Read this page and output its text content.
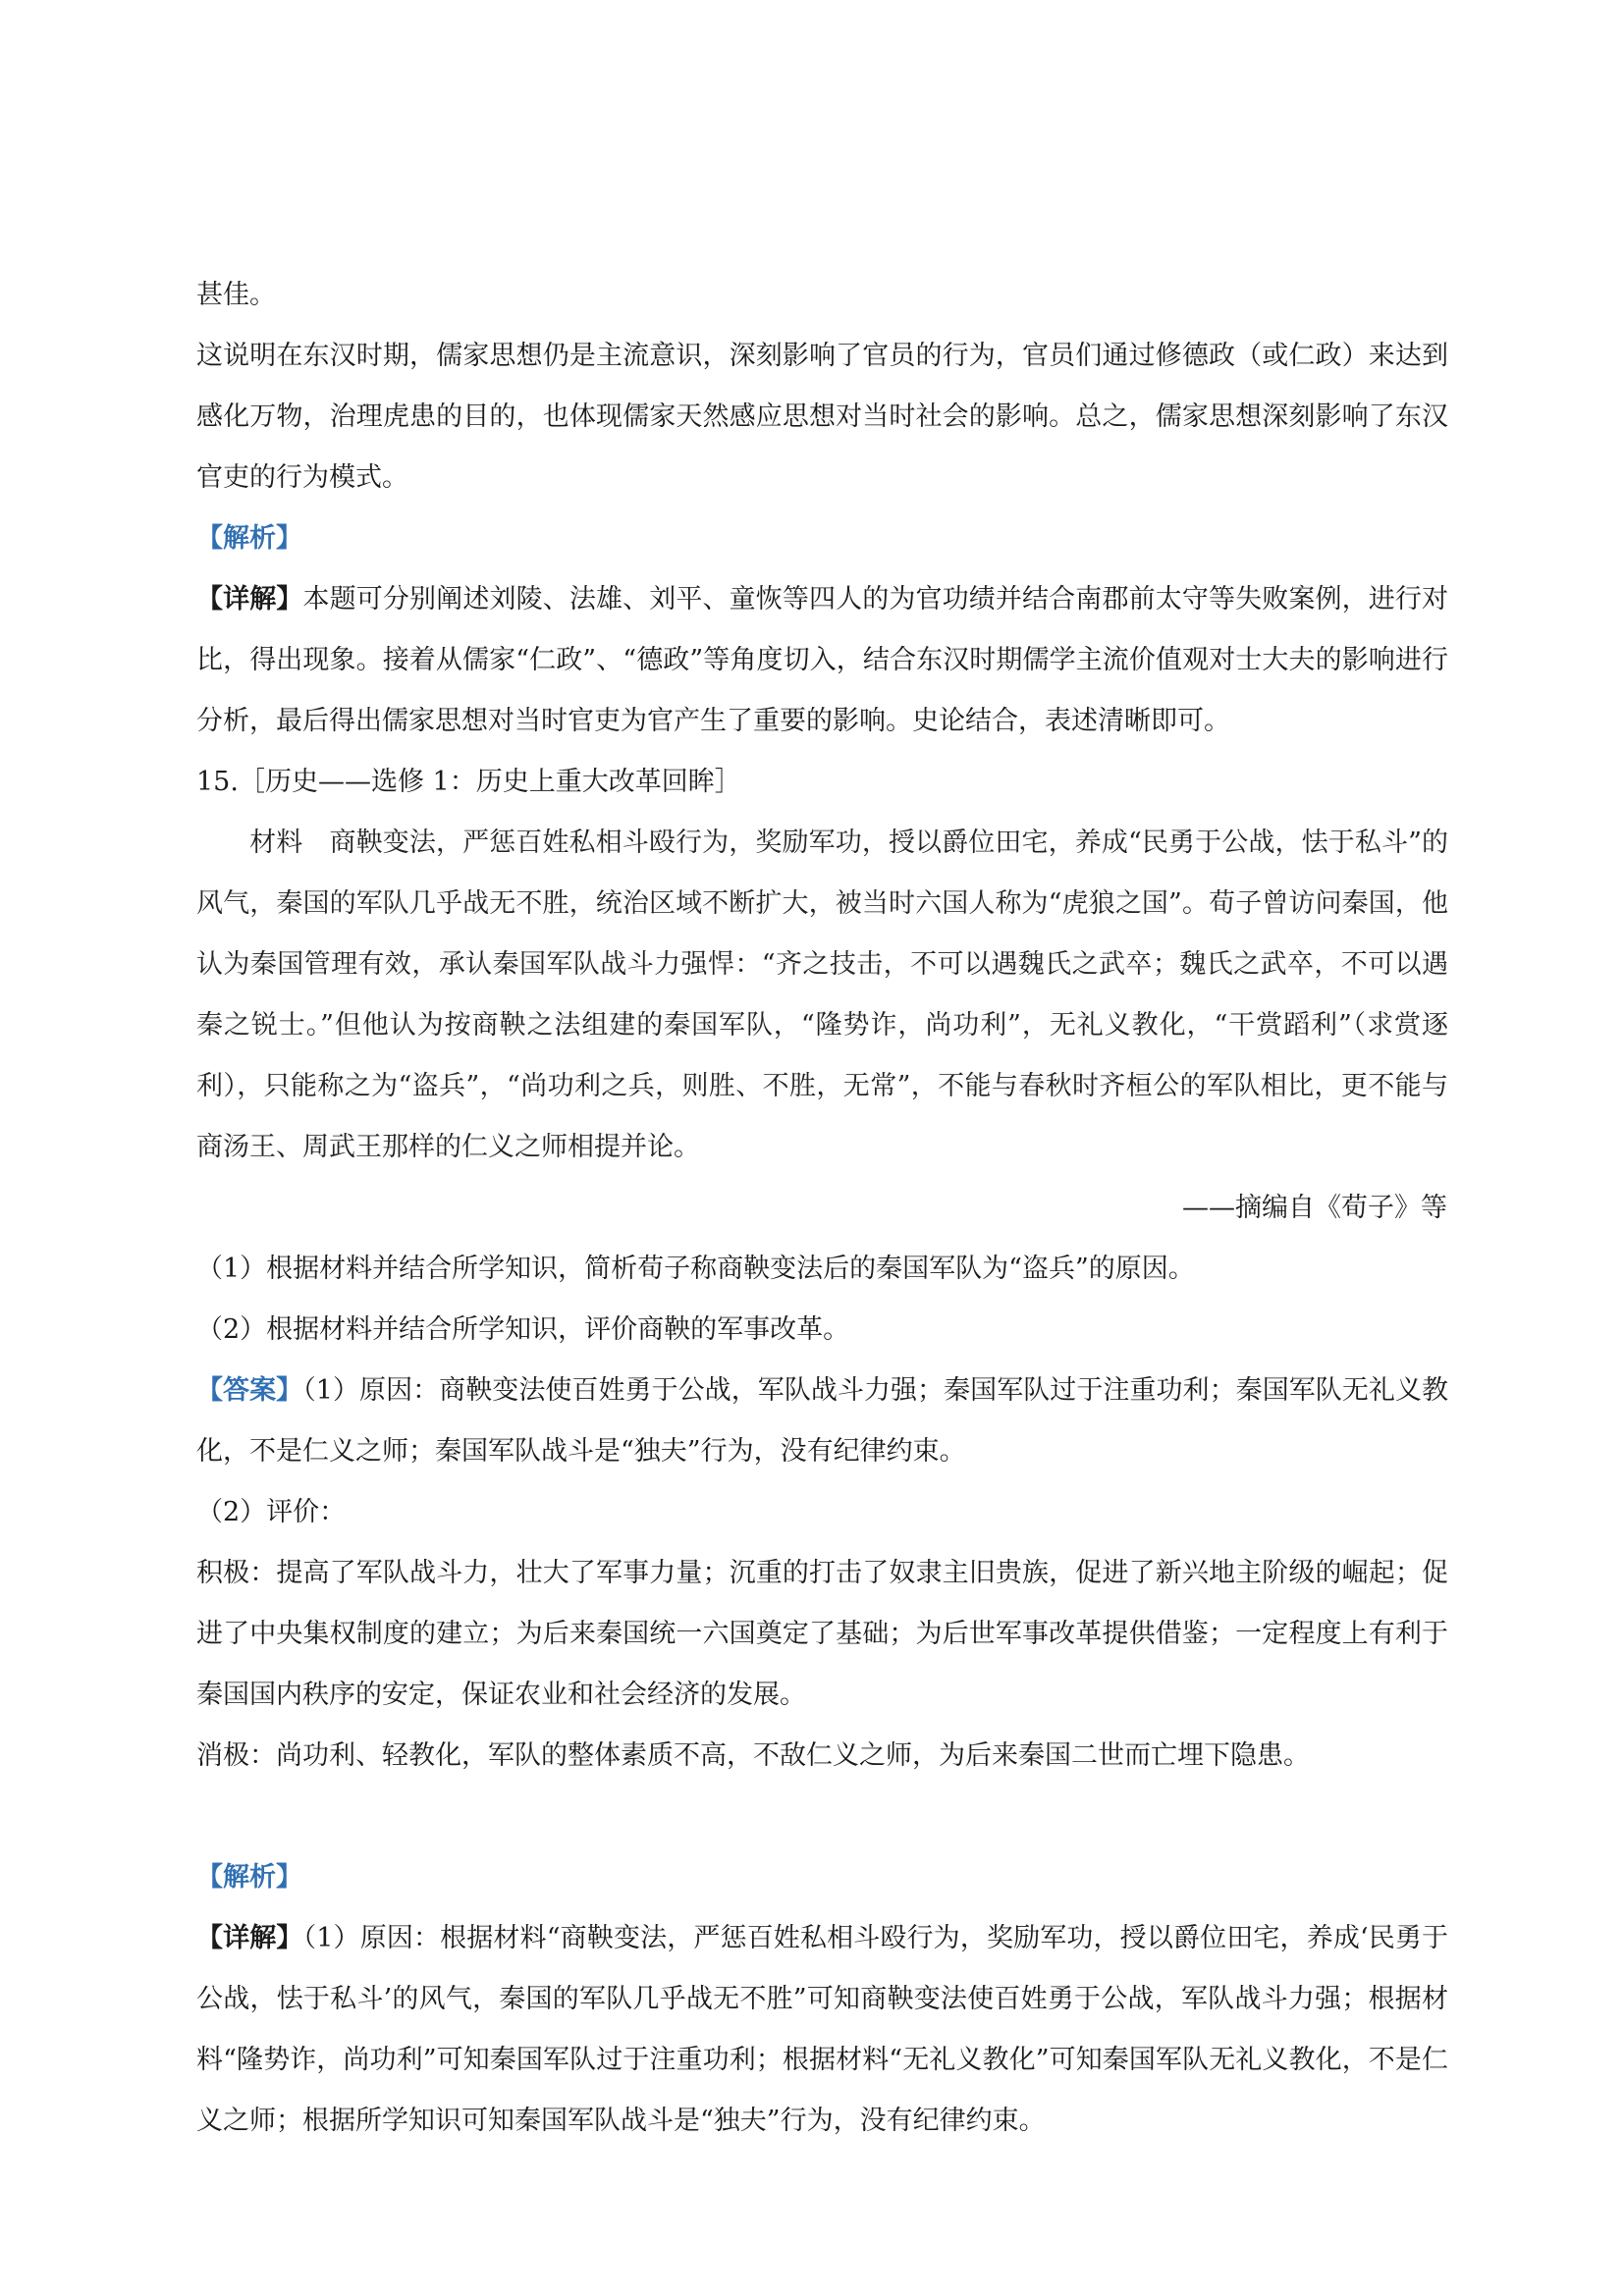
甚佳。

这说明在东汉时期，儒家思想仍是主流意识，深刻影响了官员的行为，官员们通过修德政（或仁政）来达到感化万物，治理虎患的目的，也体现儒家天然感应思想对当时社会的影响。总之，儒家思想深刻影响了东汉官吏的行为模式。

【解析】

【详解】本题可分别阐述刘陵、法雄、刘平、童恢等四人的为官功绩并结合南郡前太守等失败案例，进行对比，得出现象。接着从儒家“仁政”、“德政”等角度切入，结合东汉时期儒学主流价值观对士大夫的影响进行分析，最后得出儒家思想对当时官吏为官产生了重要的影响。史论结合，表述清晰即可。

15.［历史——选修 1：历史上重大改革回眸］

材料　 商鞅变法，严惩百姓私相斗殴行为，奖励军功，授以爵位田宅，养成“民勇于公战，怯于私斗”的风气，秦国的军队几乎战无不胜，统治区域不断扩大，被当时六国人称为“虎狼之国”。荀子曾访问秦国，他认为秦国管理有效，承认秦国军队战斗力强悍：“齐之技击，不可以遇魏氏之武卒；魏氏之武卒，不可以遇秦之锐士。”但他认为按商鞅之法组建的秦国军队，“隆势诈，尚功利”，无礼义教化，“干赏蹈利”（求赏逐利），只能称之为“盗兵”，“尚功利之兵，则胜、不胜，无常”，不能与春秋时齐桓公的军队相比，更不能与商汤王、周武王那样的仁义之师相提并论。

——摘编自《荀子》等

（1）根据材料并结合所学知识，简析荀子称商鞅变法后的秦国军队为“盗兵”的原因。

（2）根据材料并结合所学知识，评价商鞅的军事改革。

【答案】（1）原因：商鞅变法使百姓勇于公战，军队战斗力强；秦国军队过于注重功利；秦国军队无礼义教化，不是仁义之师；秦国军队战斗是“独夫”行为，没有纪律约束。

（2）评价：

积极：提高了军队战斗力，壮大了军事力量；沉重的打击了奴隶主旧贵族，促进了新兴地主阶级的崛起；促进了中央集权制度的建立；为后来秦国统一六国奠定了基础；为后世军事改革提供借鉴；一定程度上有利于秦国国内秩序的安定，保证农业和社会经济的发展。

消极：尚功利、轻教化，军队的整体素质不高，不敌仁义之师，为后来秦国二世而亡埋下隐患。

【解析】

【详解】（1）原因：根据材料“商鞅变法，严惩百姓私相斗殴行为，奖励军功，授以爵位田宅，养成‘民勇于公战，怯于私斗’的风气，秦国的军队几乎战无不胜”可知商鞅变法使百姓勇于公战，军队战斗力强；根据材料“隆势诈，尚功利”可知秦国军队过于注重功利；根据材料“无礼义教化”可知秦国军队无礼义教化，不是仁义之师；根据所学知识可知秦国军队战斗是“独夫”行为，没有纪律约束。
